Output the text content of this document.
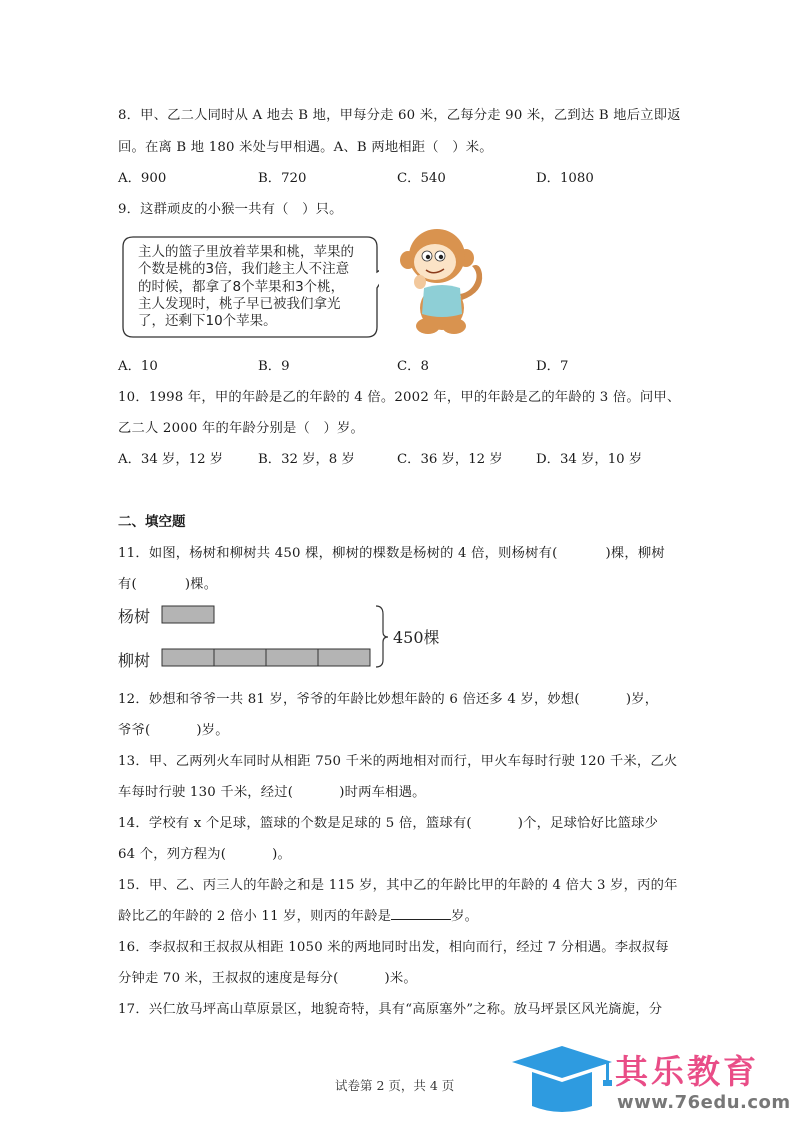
8．甲、乙二人同时从 A 地去 B 地，甲每分走 60 米，乙每分走 90 米，乙到达 B 地后立即返
回。在离 B 地 180 米处与甲相遇。A、B 两地相距（　）米。
A．900	B．720	C．540	D．1080
9．这群顽皮的小猴一共有（　）只。
主人的篮子里放着苹果和桃，苹果的
个数是桃的3倍，我们趁主人不注意
的时候，都拿了8个苹果和3个桃，
主人发现时，桃子早已被我们拿光
了，还剩下10个苹果。
A．10	B．9	C．8	D．7
10．1998 年，甲的年龄是乙的年龄的 4 倍。2002 年，甲的年龄是乙的年龄的 3 倍。问甲、
乙二人 2000 年的年龄分别是（　）岁。
A．34 岁，12 岁	B．32 岁，8 岁	C．36 岁，12 岁	D．34 岁，10 岁
二、填空题
11．如图，杨树和柳树共 450 棵，柳树的棵数是杨树的 4 倍，则杨树有(	)棵，柳树
有(	)棵。
杨树
柳树
450棵
12．妙想和爷爷一共 81 岁，爷爷的年龄比妙想年龄的 6 倍还多 4 岁，妙想(	)岁，
爷爷(	)岁。
13．甲、乙两列火车同时从相距 750 千米的两地相对而行，甲火车每时行驶 120 千米，乙火
车每时行驶 130 千米，经过(	)时两车相遇。
14．学校有 x 个足球，篮球的个数是足球的 5 倍，篮球有(	)个，足球恰好比篮球少
64 个，列方程为(	)。
15．甲、乙、丙三人的年龄之和是 115 岁，其中乙的年龄比甲的年龄的 4 倍大 3 岁，丙的年
龄比乙的年龄的 2 倍小 11 岁，则丙的年龄是	岁。
16．李叔叔和王叔叔从相距 1050 米的两地同时出发，相向而行，经过 7 分相遇。李叔叔每
分钟走 70 米，王叔叔的速度是每分(	)米。
17．兴仁放马坪高山草原景区，地貌奇特，具有“高原塞外”之称。放马坪景区风光旖旎，分
试卷第 2 页，共 4 页	其乐教育
www.76edu.com
